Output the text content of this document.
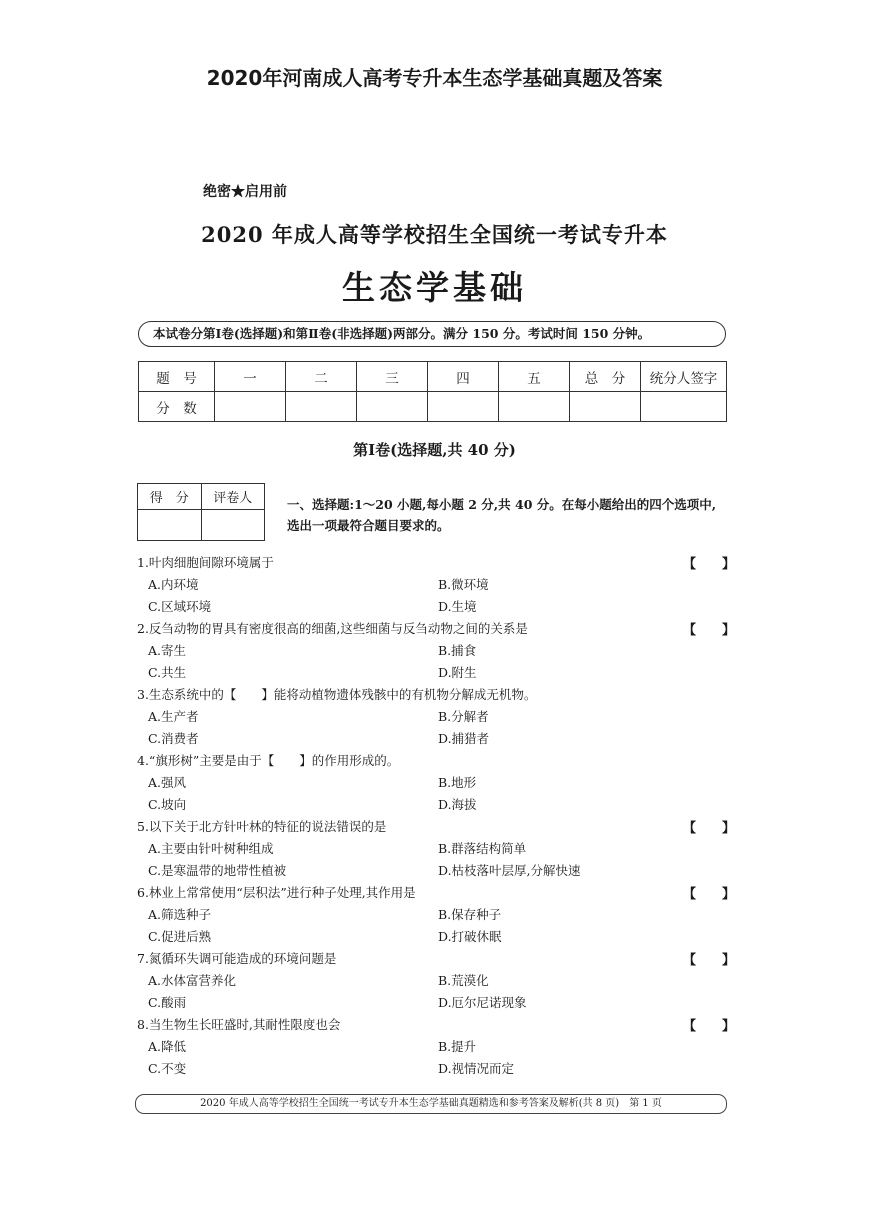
2020年河南成人高考专升本生态学基础真题及答案
绝密★启用前
2020 年成人高等学校招生全国统一考试专升本
生态学基础
本试卷分第Ⅰ卷(选择题)和第Ⅱ卷(非选择题)两部分。满分 150 分。考试时间 150 分钟。
题　号	一	二	三	四	五	总　分	统分人签字
分　数							
第Ⅰ卷(选择题,共 40 分)
得　分	评卷人
		一、选择题:1～20 小题,每小题 2 分,共 40 分。在每小题给出的四个选项中,选出一项最符合题目要求的。
1.叶肉细胞间隙环境属于	【　　】
A.内环境	B.微环境
C.区域环境	D.生境
2.反刍动物的胃具有密度很高的细菌,这些细菌与反刍动物之间的关系是	【　　】
A.寄生	B.捕食
C.共生	D.附生
3.生态系统中的【　　】能将动植物遗体残骸中的有机物分解成无机物。
A.生产者	B.分解者
C.消费者	D.捕猎者
4.“旗形树”主要是由于【　　】的作用形成的。
A.强风	B.地形
C.坡向	D.海拔
5.以下关于北方针叶林的特征的说法错误的是	【　　】
A.主要由针叶树种组成	B.群落结构简单
C.是寒温带的地带性植被	D.枯枝落叶层厚,分解快速
6.林业上常常使用“层积法”进行种子处理,其作用是	【　　】
A.筛选种子	B.保存种子
C.促进后熟	D.打破休眠
7.氮循环失调可能造成的环境问题是	【　　】
A.水体富营养化	B.荒漠化
C.酸雨	D.厄尔尼诺现象
8.当生物生长旺盛时,其耐性限度也会	【　　】
A.降低	B.提升
C.不变	D.视情况而定
2020 年成人高等学校招生全国统一考试专升本生态学基础真题精选和参考答案及解析(共 8 页)　第 1 页
